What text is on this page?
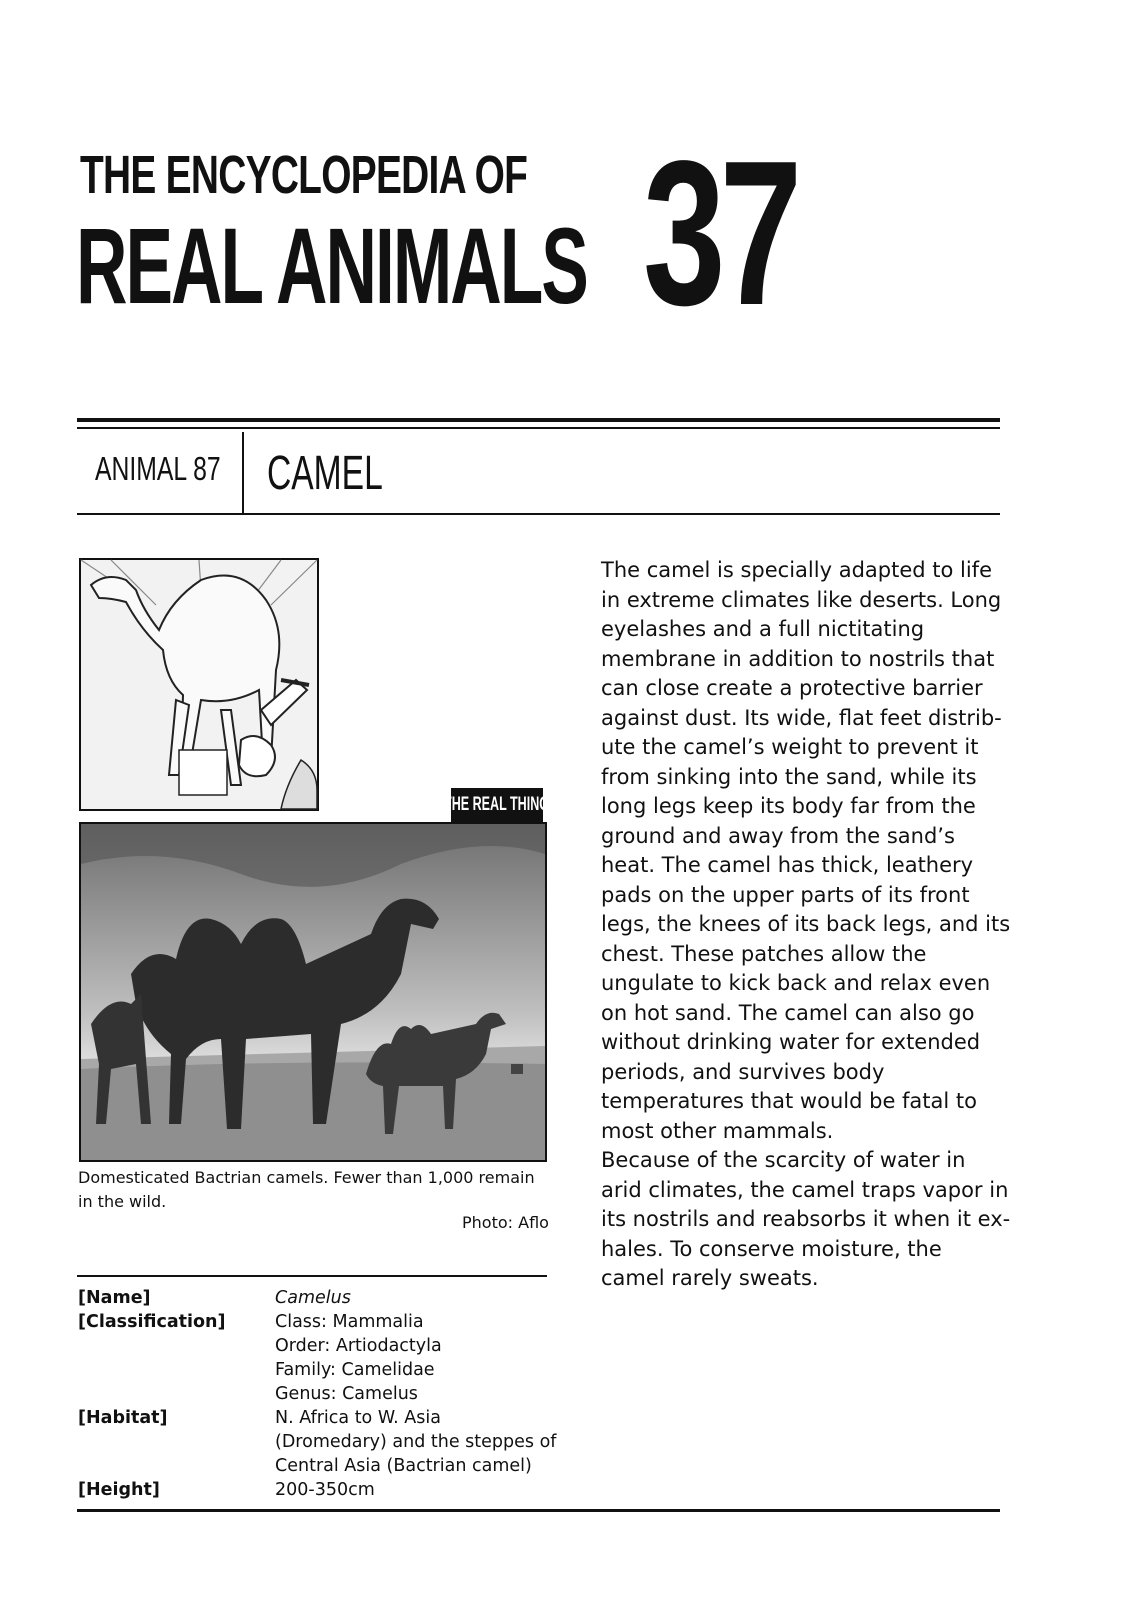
THE ENCYCLOPEDIA OF
REAL ANIMALS 37
ANIMAL 87 CAMEL
THE REAL THING
Domesticated Bactrian camels. Fewer than 1,000 remain in the wild.
Photo: Aflo
[Name]	Camelus
[Classification]	Class: Mammalia
Order: Artiodactyla
Family: Camelidae
Genus: Camelus
[Habitat]	N. Africa to W. Asia
(Dromedary) and the steppes of
Central Asia (Bactrian camel)
[Height]	200-350cm

The camel is specially adapted to life in extreme climates like deserts. Long eyelashes and a full nictitating membrane in addition to nostrils that can close create a protective barrier against dust. Its wide, flat feet distribute the camel’s weight to prevent it from sinking into the sand, while its long legs keep its body far from the ground and away from the sand’s heat. The camel has thick, leathery pads on the upper parts of its front legs, the knees of its back legs, and its chest. These patches allow the ungulate to kick back and relax even on hot sand. The camel can also go without drinking water for extended periods, and survives body temperatures that would be fatal to most other mammals.

Because of the scarcity of water in arid climates, the camel traps vapor in its nostrils and reabsorbs it when it exhales. To conserve moisture, the camel rarely sweats.
